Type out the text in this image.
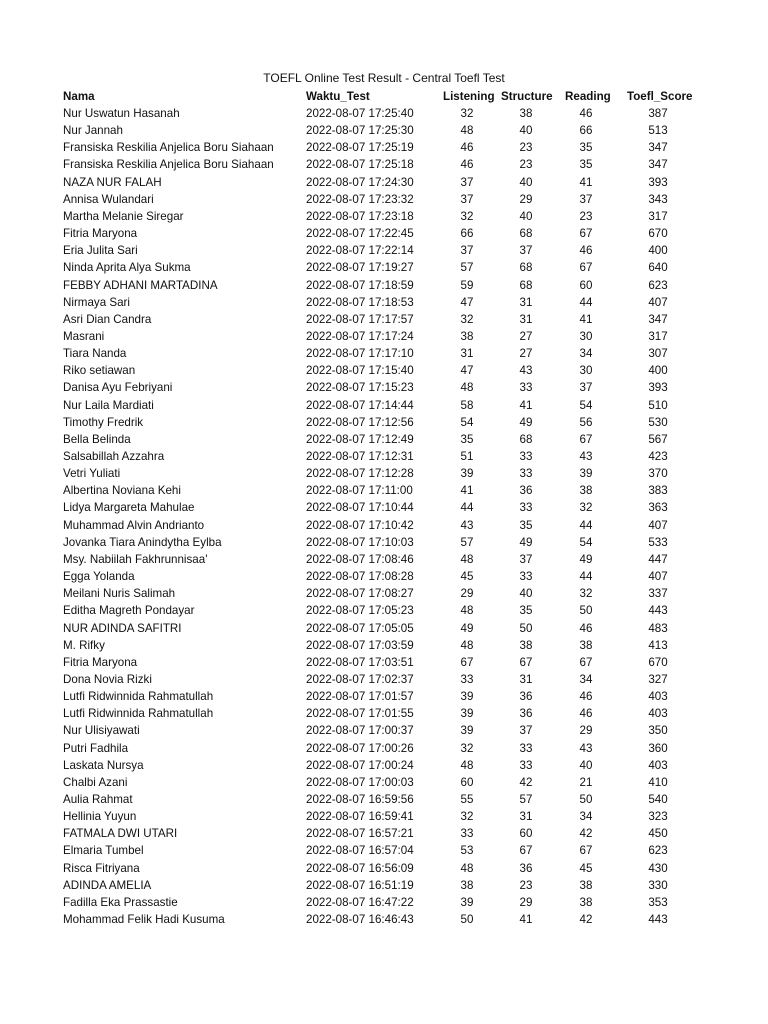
TOEFL Online Test Result - Central Toefl Test
Nama	Waktu_Test	Listening Structure Reading Toefl_Score
Nur Uswatun Hasanah	2022-08-07 17:25:40	32	38	46	387
Nur Jannah	2022-08-07 17:25:30	48	40	66	513
Fransiska Reskilia Anjelica Boru Siahaan	2022-08-07 17:25:19	46	23	35	347
Fransiska Reskilia Anjelica Boru Siahaan	2022-08-07 17:25:18	46	23	35	347
NAZA NUR FALAH	2022-08-07 17:24:30	37	40	41	393
Annisa Wulandari	2022-08-07 17:23:32	37	29	37	343
Martha Melanie Siregar	2022-08-07 17:23:18	32	40	23	317
Fitria Maryona	2022-08-07 17:22:45	66	68	67	670
Eria Julita Sari	2022-08-07 17:22:14	37	37	46	400
Ninda Aprita Alya Sukma	2022-08-07 17:19:27	57	68	67	640
FEBBY ADHANI MARTADINA	2022-08-07 17:18:59	59	68	60	623
Nirmaya Sari	2022-08-07 17:18:53	47	31	44	407
Asri Dian Candra	2022-08-07 17:17:57	32	31	41	347
Masrani	2022-08-07 17:17:24	38	27	30	317
Tiara Nanda	2022-08-07 17:17:10	31	27	34	307
Riko setiawan	2022-08-07 17:15:40	47	43	30	400
Danisa Ayu Febriyani	2022-08-07 17:15:23	48	33	37	393
Nur Laila Mardiati	2022-08-07 17:14:44	58	41	54	510
Timothy Fredrik	2022-08-07 17:12:56	54	49	56	530
Bella Belinda	2022-08-07 17:12:49	35	68	67	567
Salsabillah Azzahra	2022-08-07 17:12:31	51	33	43	423
Vetri Yuliati	2022-08-07 17:12:28	39	33	39	370
Albertina Noviana Kehi	2022-08-07 17:11:00	41	36	38	383
Lidya Margareta Mahulae	2022-08-07 17:10:44	44	33	32	363
Muhammad Alvin Andrianto	2022-08-07 17:10:42	43	35	44	407
Jovanka Tiara Anindytha Eylba	2022-08-07 17:10:03	57	49	54	533
Msy. Nabiilah Fakhrunnisaa'	2022-08-07 17:08:46	48	37	49	447
Egga Yolanda	2022-08-07 17:08:28	45	33	44	407
Meilani Nuris Salimah	2022-08-07 17:08:27	29	40	32	337
Editha Magreth Pondayar	2022-08-07 17:05:23	48	35	50	443
NUR ADINDA SAFITRI	2022-08-07 17:05:05	49	50	46	483
M. Rifky	2022-08-07 17:03:59	48	38	38	413
Fitria Maryona	2022-08-07 17:03:51	67	67	67	670
Dona Novia Rizki	2022-08-07 17:02:37	33	31	34	327
Lutfi Ridwinnida Rahmatullah	2022-08-07 17:01:57	39	36	46	403
Lutfi Ridwinnida Rahmatullah	2022-08-07 17:01:55	39	36	46	403
Nur Ulisiyawati	2022-08-07 17:00:37	39	37	29	350
Putri Fadhila	2022-08-07 17:00:26	32	33	43	360
Laskata Nursya	2022-08-07 17:00:24	48	33	40	403
Chalbi Azani	2022-08-07 17:00:03	60	42	21	410
Aulia Rahmat	2022-08-07 16:59:56	55	57	50	540
Hellinia Yuyun	2022-08-07 16:59:41	32	31	34	323
FATMALA DWI UTARI	2022-08-07 16:57:21	33	60	42	450
Elmaria Tumbel	2022-08-07 16:57:04	53	67	67	623
Risca Fitriyana	2022-08-07 16:56:09	48	36	45	430
ADINDA AMELIA	2022-08-07 16:51:19	38	23	38	330
Fadilla Eka Prassastie	2022-08-07 16:47:22	39	29	38	353
Mohammad Felik Hadi Kusuma	2022-08-07 16:46:43	50	41	42	443
